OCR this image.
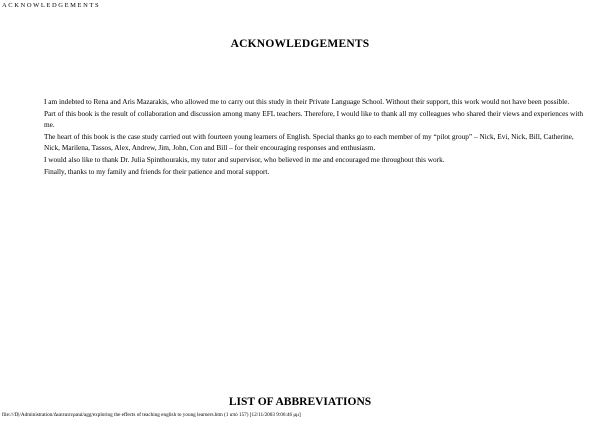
ACKNOWLEDGEMENTS
ACKNOWLEDGEMENTS

I am indebted to Rena and Aris Mazarakis, who allowed me to carry out this study in their Private Language School. Without their support, this work would not have been possible.

Part of this book is the result of collaboration and discussion among many EFL teachers. Therefore, I would like to thank all my colleagues who shared their views and experiences with me.

The heart of this book is the case study carried out with fourteen young learners of English. Special thanks go to each member of my “pilot group” – Nick, Evi, Nick, Bill, Catherine, Nick, Marilena, Tassos, Alex, Andrew, Jim, John, Con and Bill – for their encouraging responses and enthusiasm.

I would also like to thank Dr. Julia Spinthourakis, my tutor and supervisor, who believed in me and encouraged me throughout this work.

Finally, thanks to my family and friends for their patience and moral support.

LIST OF ABBREVIATIONS
file:///D|/Administration/Διαιταιτεραιά/agg/exploring the effects of teaching english to young learners.htm (1 από 157) [12/11/2003 9:06:46 μμ]
